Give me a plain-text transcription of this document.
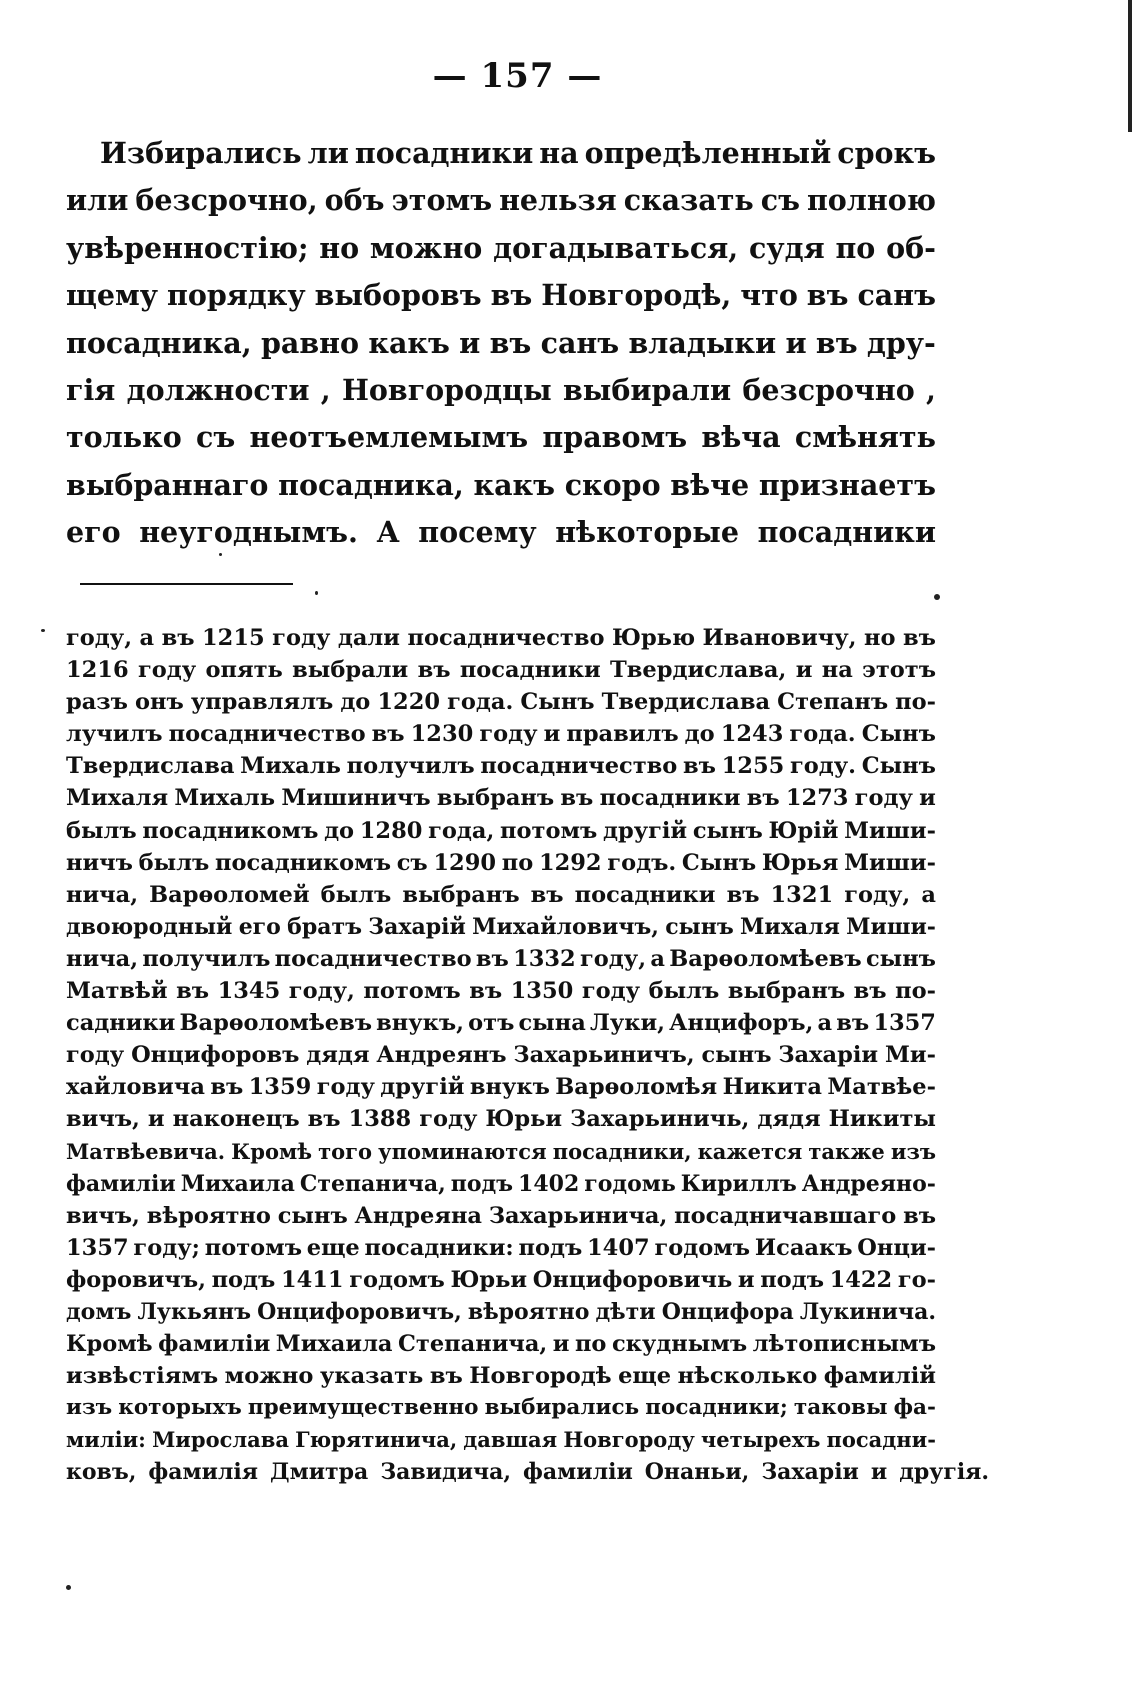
— 157 —
Избирались ли посадники на опредѣленный срокъ
или безсрочно, объ этомъ нельзя сказать съ полною
увѣренностію; но можно догадываться, судя по об-
щему порядку выборовъ въ Новгородѣ, что въ санъ
посадника, равно какъ и въ санъ владыки и въ дру-
гія должности , Новгородцы выбирали безсрочно ,
только съ неотъемлемымъ правомъ вѣча смѣнять
выбраннаго посадника, какъ скоро вѣче признаетъ
его неугоднымъ. А посему нѣкоторые посадники
году, а въ 1215 году дали посадничество Юрью Ивановичу, но въ
1216 году опять выбрали въ посадники Твердислава, и на этотъ
разъ онъ управлялъ до 1220 года. Сынъ Твердислава Степанъ по-
лучилъ посадничество въ 1230 году и правилъ до 1243 года. Сынъ
Твердислава Михаль получилъ посадничество въ 1255 году. Сынъ
Михаля Михаль Мишиничъ выбранъ въ посадники въ 1273 году и
былъ посадникомъ до 1280 года, потомъ другій сынъ Юрій Миши-
ничъ былъ посадникомъ съ 1290 по 1292 годъ. Сынъ Юрья Миши-
нича, Варѳоломей былъ выбранъ въ посадники въ 1321 году, а
двоюродный его братъ Захарій Михайловичъ, сынъ Михаля Миши-
нича, получилъ посадничество въ 1332 году, а Варѳоломѣевъ сынъ
Матвѣй въ 1345 году, потомъ въ 1350 году былъ выбранъ въ по-
садники Варѳоломѣевъ внукъ, отъ сына Луки, Анцифоръ, а въ 1357
году Онцифоровъ дядя Андреянъ Захарьиничъ, сынъ Захаріи Ми-
хайловича въ 1359 году другій внукъ Варѳоломѣя Никита Матвѣе-
вичъ, и наконецъ въ 1388 году Юрьи Захарьиничь, дядя Никиты
Матвѣевича. Кромѣ того упоминаются посадники, кажется также изъ
фамиліи Михаила Степанича, подъ 1402 годомь Кириллъ Андреяно-
вичъ, вѣроятно сынъ Андреяна Захарьинича, посадничавшаго въ
1357 году; потомъ еще посадники: подъ 1407 годомъ Исаакъ Онци-
форовичъ, подъ 1411 годомъ Юрьи Онцифоровичь и подъ 1422 го-
домъ Лукьянъ Онцифоровичъ, вѣроятно дѣти Онцифора Лукинича.
Кромѣ фамиліи Михаила Степанича, и по скуднымъ лѣтописнымъ
извѣстіямъ можно указать въ Новгородѣ еще нѣсколько фамилій
изъ которыхъ преимущественно выбирались посадники; таковы фа-
миліи: Мирослава Гюрятинича, давшая Новгороду четырехъ посадни-
ковъ, фамилія Дмитра Завидича, фамиліи Онаньи, Захаріи и другія.
